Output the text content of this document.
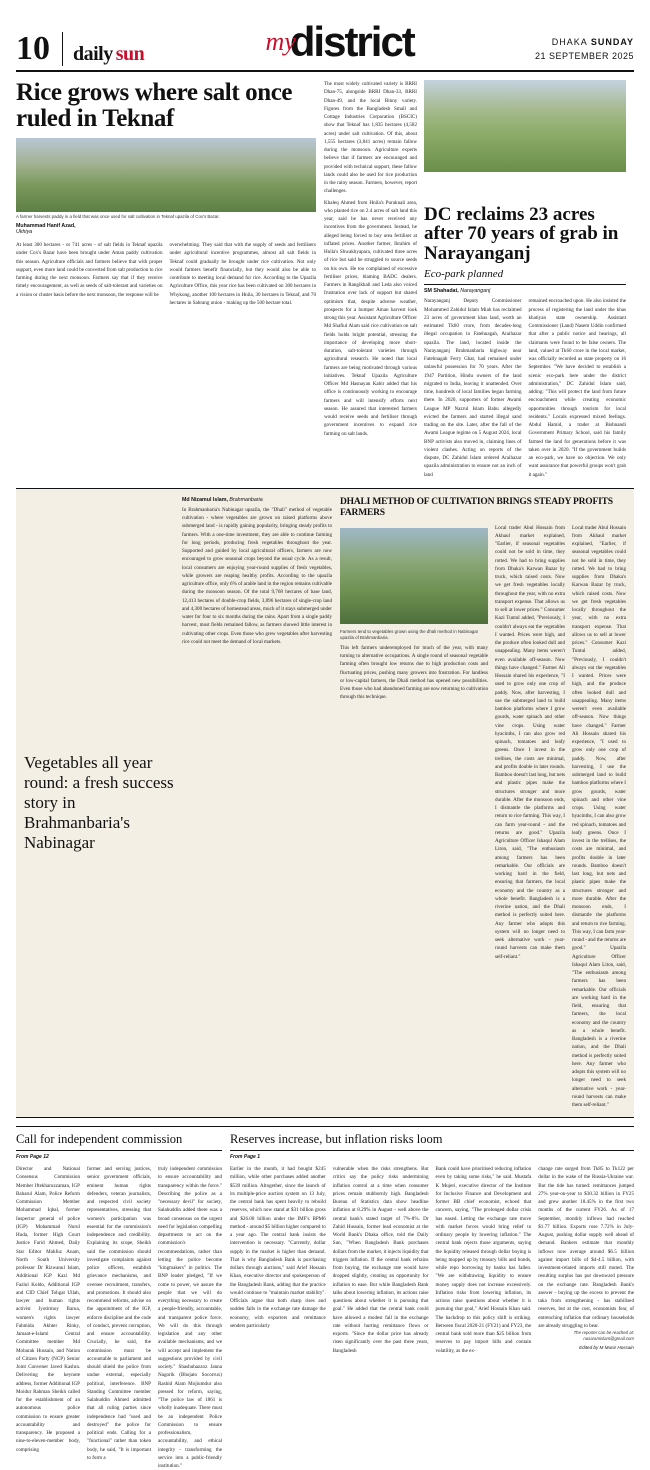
10	daily sun	mydistrict	DHAKA SUNDAY
21 SEPTEMBER 2025
Rice grows where salt once ruled in Teknaf
A farmer harvests paddy in a field that was once used for salt cultivation in Teknaf upazila of Cox's Bazar.
Muhammad Hanif Azad,
Ukhiya
At least 300 hectares - or 741 acres - of salt fields in Teknaf upazila under Cox's Bazar have been brought under Aman paddy cultivation this season. Agriculture officials and farmers believe that with proper support, even more land could be converted from salt production to rice farming during the next monsoon. Farmers say that if they receive timely encouragement, as well as seeds of salt-tolerant and varieties on a vision or cluster basis before the next monsoon, the response will be
overwhelming. They said that with the supply of seeds and fertilisers under agricultural incentive programmes, almost all salt fields in Teknaf could gradually be brought under rice cultivation. Not only would farmers benefit financially, but they would also be able to contribute to meeting local demand for rice. According to the Upazila Agriculture Office, this year rice has been cultivated on 300 hectares in Whykong, another 100 hectares in Hnila, 30 hectares in Teknaf, and 70 hectares in Sabrang union - making up the 500 hectare total.
The most widely cultivated variety is BRRI Dhan-75, alongside BRRI Dhan-33, BRRI Dhan-49, and the local Binny variety. Figures from the Bangladesh Small and Cottage Industries Corporation (BSCIC) show that Teknaf has 1,835 hectares (4,582 acres) under salt cultivation. Of this, about 1,555 hectares (3,841 acres) remain fallow during the monsoon. Agriculture experts believe that if farmers are encouraged and provided with technical support, these fallow lands could also be used for rice production in the rainy season. Farmers, however, report challenges.
Khaleq Ahmed from Hnila's Puraknali area, who planted rice on 2.4 acres of salt land this year, said he has never received any incentives from the government. Instead, he alleged being forced to buy urea fertiliser at inflated prices. Another farmer, Ibrahim of Hnila's Shwakhyapara, cultivated three acres of rice but said he struggled to source seeds on his own. He too complained of excessive fertiliser prices, blaming BADC dealers. Farmers in Rangikhali and Leda also voiced frustration over lack of support but shared optimism that, despite adverse weather, prospects for a bumper Aman harvest look strong this year. Assistant Agriculture Officer Md Shafiul Alam said rice cultivation on salt fields holds bright potential, stressing the importance of developing more short-duration, salt-tolerant varieties through agricultural research. He noted that local farmers are being motivated through various initiatives. Teknaf Upazila Agriculture Officer Md Hasnayan Kabir added that his office is continuously working to encourage farmers and will intensify efforts next season. He assured that interested farmers would receive seeds and fertiliser through government incentives to expand rice farming on salt lands.
DC reclaims 23 acres after 70 years of grab in Narayanganj
Eco-park planned
SM Shahadat, Narayanganj
Narayanganj Deputy Commissioner Mohammed Zahidul Islam Miah has reclaimed 23 acres of government khas land, worth an estimated Tk60 crore, from decades-long illegal occupation in Fatehnagah, Araihazar upazila. The land, located inside the Narayanganj Brahmanbaria highway near Fatehnagah Ferry Ghat, had remained under unlawful possession for 70 years. After the 1947 Partition, Hindu owners of the land migrated to India, leaving it unattended. Over time, hundreds of local families began farming there. In 2020, supporters of former Awami League MP Nazrul Islam Babu allegedly evicted the farmers and started illegal sand trading on the site. Later, after the fall of the Awami League regime on 5 August 2024, local BNP activists also moved in, claiming lines of violent clashes. Acting on reports of the dispute, DC Zahidul Islam ordered Araihazar upazila administration to ensure not an inch of land
remained encroached upon. He also insisted the process of registering the land under the khas khatiyan state ownership. Assistant Commissioner (Land) Nasem Uddin confirmed that after a public notice and hearings, all claimants were found to be false owners. The land, valued at Tk60 crore in the local market, was officially recorded as state property on 16 September. "We have decided to establish a scenic eco-park here under the district administration," DC Zahidul Islam said, adding: "This will protect the land from future encroachment while creating economic opportunities through tourism for local residents." Locals expressed mixed feelings. Abdul Hamid, a trader at Bishnandi Government Primary School, said his family farmed the land for generations before it was taken over in 2020. "If the government builds an eco-park, we have no objection. We only want assurance that powerful groups won't grab it again."
Vegetables all year round: a fresh success story in Brahmanbaria's Nabinagar
Md Nizamul Islam, Brahmanbaria
In Brahmanbaria's Nabinagar upazila, the "Dhali" method of vegetable cultivation - where vegetables are grown on raised platforms above submerged land - is rapidly gaining popularity, bringing steady profits to farmers. With a one-time investment, they are able to continue farming for long periods, producing fresh vegetables throughout the year. Supported and guided by local agricultural officers, farmers are now encouraged to grow seasonal crops beyond the usual cycle. As a result, local consumers are enjoying year-round supplies of fresh vegetables, while growers are reaping healthy profits. According to the upazila agriculture office, only 6% of arable land in the region remains cultivable during the monsoon season. Of the total 9,768 hectares of base land, 12,413 hectares of double-crop fields, 3,896 hectares of single-crop land and 4,300 hectares of homestead areas, much of it stays submerged under water for four to six months during the rains. Apart from a single paddy harvest, most fields remained fallow, as farmers showed little interest in cultivating other crops. Even those who grew vegetables after harvesting rice could not meet the demand of local markets.
DHALI METHOD OF CULTIVATION BRINGS STEADY PROFITS FARMERS
Farmers tend to vegetables grown using the dhali method in Nabinagar upazila of Brahmanbaria.
This left farmers underemployed for much of the year, with many turning to alternative occupations. A single round of seasonal vegetable farming often brought low returns due to high production costs and fluctuating prices, pushing many growers into frustration. For landless or low-capital farmers, the Dhali method has opened new possibilities. Even those who had abandoned farming are now returning to cultivation through this technique.
Local trader Abul Hossain from Akhaul market explained, "Earlier, if seasonal vegetables could not be sold in time, they rotted. We had to bring supplies from Dhaka's Karwan Bazar by truck, which raised costs. Now we get fresh vegetables locally throughout the year, with no extra transport expense. That allows us to sell at lower prices." Consumer Kazi Tuntul added, "Previously, I couldn't always eat the vegetables I wanted. Prices were high, and the produce often looked dull and unappealing. Many items weren't even available off-season. Now things have changed." Farmer Ali Hossain shared his experience, "I used to grow only one crop of paddy. Now, after harvesting, I use the submerged land to build bamboo platforms where I grow gourds, water spinach and other vine crops. Using water hyacinths, I can also grow red spinach, tomatoes and leafy greens. Once I invest in the trellises, the costs are minimal, and profits double in later rounds. Bamboo doesn't last long, but nets and plastic pipes make the structures stronger and more durable. After the monsoon ends, I dismantle the platforms and return to rice farming. This way, I can farm year-round - and the returns are good." Upazila Agriculture Officer Ishaqul Alam Liton, said, "The enthusiasm among farmers has been remarkable. Our officials are working hard in the field, ensuring that farmers, the local economy and the country as a whole benefit. Bangladesh is a riverine nation, and the Dhali method is perfectly suited here. Any farmer who adopts this system will no longer need to seek alternative work - year-round harvests can make them self-reliant."
Local trader Abul Hossain from Akhaul market explained, "Earlier, if seasonal vegetables could not be sold in time, they rotted. We had to bring supplies from Dhaka's Karwan Bazar by truck, which raised costs. Now we get fresh vegetables locally throughout the year, with no extra transport expense. That allows us to sell at lower prices." Consumer Kazi Tuntul added, "Previously, I couldn't always eat the vegetables I wanted. Prices were high, and the produce often looked dull and unappealing. Many items weren't even available off-season. Now things have changed." Farmer Ali Hossain shared his experience, "I used to grow only one crop of paddy. Now, after harvesting, I use the submerged land to build bamboo platforms where I grow gourds, water spinach and other vine crops. Using water hyacinths, I can also grow red spinach, tomatoes and leafy greens. Once I invest in the trellises, the costs are minimal, and profits double in later rounds. Bamboo doesn't last long, but nets and plastic pipes make the structures stronger and more durable. After the monsoon ends, I dismantle the platforms and return to rice farming. This way, I can farm year-round - and the returns are good." Upazila Agriculture Officer Ishaqul Alam Liton, said, "The enthusiasm among farmers has been remarkable. Our officials are working hard in the field, ensuring that farmers, the local economy and the country as a whole benefit. Bangladesh is a riverine nation, and the Dhali method is perfectly suited here. Any farmer who adopts this system will no longer need to seek alternative work - year-round harvests can make them self-reliant."
Call for independent commission
From Page 12
Director and National Consensus Commission Member Iftekharuzzaman, IGP Baharul Alam, Police Reform Commission Member Mohammad Iqbal, former Inspector general of police (IGP) Mohammad Nurul Huda, former High Court Justice Farid Ahmed, Daily Star Editor Mahfuz Anam, North South University professor Dr Rizwanul Islam, Additional IGP Kazi Md Fazlul Koldo, Additional IGP and CID Chief Tohgat Ullah, lawyer and human rights activist Jyotirmoy Barua, women's rights lawyer Fahmida Akhter Rinky, Jamaat-e-Islami Central Committee member Md Mobarak Hussain, and Nation of Citizen Party (NCP) Senior Joint Convener Javed Kashra. Delivering the keynote address, former Additional IGP Moidur Rahman Sheikh called for the establishment of an autonomous police commission to ensure greater accountability and transparency. He proposed a nine-to-eleven-member body, comprising
former and serving justices, senior government officials, eminent human rights defenders, veteran journalists, and respected civil society representatives, stressing that women's participation was essential for the commission's independence and credibility. Explaining its scope, Sheikh said the commission should investigate complaints against police officers, establish grievance mechanisms, and oversee recruitment, transfers, and promotions. It should also recommend reforms, advise on the appointment of the IGP, enforce discipline and the code of conduct, prevent corruption, and ensure accountability. Crucially, he said, the commission must be accountable to parliament and should shield the police from undue external, especially political, interference. BNP Standing Committee member Salahuddin Ahmed admitted that all ruling parties since independence had "used and destroyed" the police for political ends. Calling for a "functional" rather than token body, he said, "It is important to form a
truly independent commission to ensure accountability and transparency within the force." Describing the police as a "necessary devil" for society, Salahuddin added there was a broad consensus on the urgent need for legislation compelling departments to act on the commission's recommendations, rather than letting the police become "kingmakers" in politics. The BNP leader pledged, "If we come to power, we assure the people that we will do everything necessary to create a people-friendly, accountable, and transparent police force. We will do this through legislation and any other available mechanisms, and we will accept and implement the suggestions provided by civil society." Shashuhazzoz Janna Nagorik (Bhojato Socorrux) Rashid Alam Mojiumdur also pressed for reform, saying, "The police law of 1861 is wholly inadequate. There must be an independent Police Commission to ensure professionalism, accountability, and ethical integrity - transforming the service into a public-friendly institution."
Reserves increase, but inflation risks loom
From Page 1
Earlier in the month, it had bought $245 million, while other purchases added another $539 million. Altogether, since the launch of its multiple-price auction system on 13 July, the central bank has spent heavily to rebuild reserves, which now stand at $31 billion gross and $26.08 billion under the IMF's BPM6 method - around $5 billion higher compared to a year ago. The central bank insists the intervention is necessary. "Currently, dollar supply in the market is higher than demand. That is why Bangladesh Bank is purchasing dollars through auctions," said Arief Hossain Khan, executive director and spokesperson of the Bangladesh Bank, adding that the practice would continue to "maintain market stability". Officials argue that both sharp rises and sudden falls in the exchange rate damage the economy, with exporters and remittance senders particularly
vulnerable when the risks strengthens. But critics say the policy risks undermining inflation control at a time when consumer prices remain stubbornly high. Bangladesh Bureau of Statistics data show headline inflation at 8.29% in August - well above the central bank's stated target of 7%-8%. Dr Zahid Hussain, former lead economist at the World Bank's Dhaka office, told the Daily Sun, "When Bangladesh Bank purchases dollars from the market, it injects liquidity that triggers inflation. If the central bank refrains from buying, the exchange rate would have dropped slightly, creating an opportunity for inflation to ease. But while Bangladesh Bank talks about lowering inflation, its actions raise questions about whether it is pursuing that goal." He added that the central bank could have allowed a modest fall in the exchange rate without hurting remittance flows or exports. "Since the dollar price has already risen significantly over the past three years, Bangladesh
Bank could have prioritised reducing inflation even by taking some risks," he said. Mustafa K Mujeri, executive director of the Institute for Inclusive Finance and Development and former BB chief economist, echoed that concern, saying, "The prolonged dollar crisis has eased. Letting the exchange rate move with market forces would bring relief to ordinary people by lowering inflation." The central bank rejects those arguments, saying the liquidity released through dollar buying is being mopped up by treasury bills and bonds, while repo borrowing by banks has fallen. "We are withdrawing liquidity to ensure money supply does not increase excessively. Inflation risks from lowering inflation, its actions raise questions about whether it is pursuing that goal," Arief Hossain Khan said. The backdrop to this policy shift is striking. Between fiscal 2020-21 (FY21) and FY23, the central bank sold more than $25 billion from reserves to pay import bills and contain volatility, as the ex-
change rate surged from Tk85 to Tk122 per dollar in the wake of the Russia-Ukraine war. But the tide has turned: remittances jumped 27% year-on-year to $30.32 billion in FY25 and grew another 18.45% in the first two months of the current FY26. As of 17 September, monthly inflows had reached $1.77 billion. Exports rose 7.72% in July-August, pushing dollar supply well ahead of demand. Bankers estimate that monthly inflows now average around $6.5 billion against import bills of $4-4.5 billion, with investment-related imports still muted. The resulting surplus has put downward pressure on the exchange rate. Bangladesh Bank's answer - buying up the excess to prevent the taka from strengthening - has stabilised reserves, but at the cost, economists fear, of entrenching inflation that ordinary households are already struggling to bear.
The reporter can be reached at: nusaramislam@gmail.com
Edited by M Munir Hossain
